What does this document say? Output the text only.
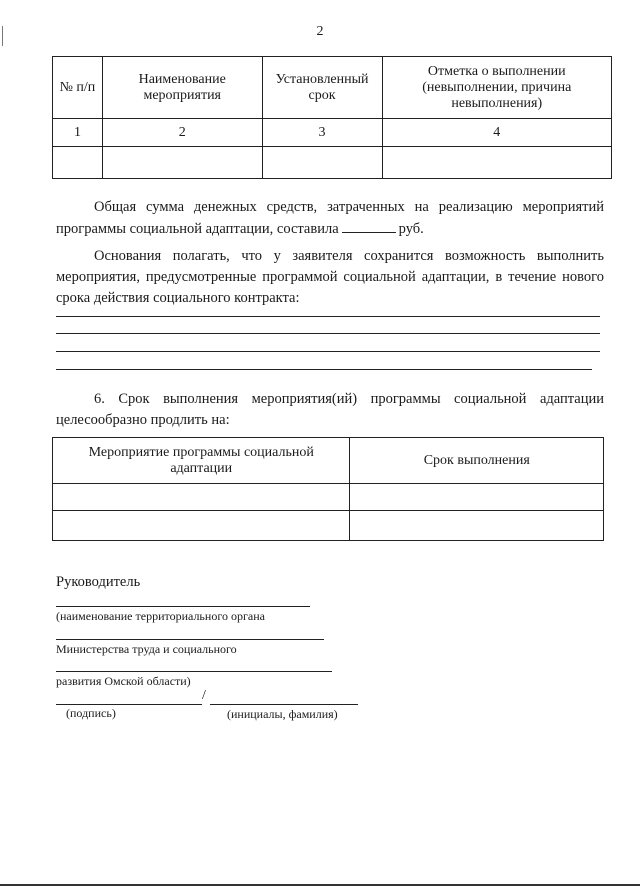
2
№ п/п	Наименование мероприятия	Установленный срок	Отметка о выполнении (невыполнении, причина невыполнения)
1	2	3	4

Общая сумма денежных средств, затраченных на реализацию мероприятий программы социальной адаптации, составила	руб.
Основания полагать, что у заявителя сохранится возможность выполнить мероприятия, предусмотренные программой социальной адаптации, в течение нового срока действия социального контракта:
6. Срок выполнения мероприятия(ий) программы социальной адаптации целесообразно продлить на:
Мероприятие программы социальной адаптации	Срок выполнения

Руководитель
(наименование территориального органа
Министерства труда и социального
развития Омской области)
/
(подпись)	(инициалы, фамилия)
